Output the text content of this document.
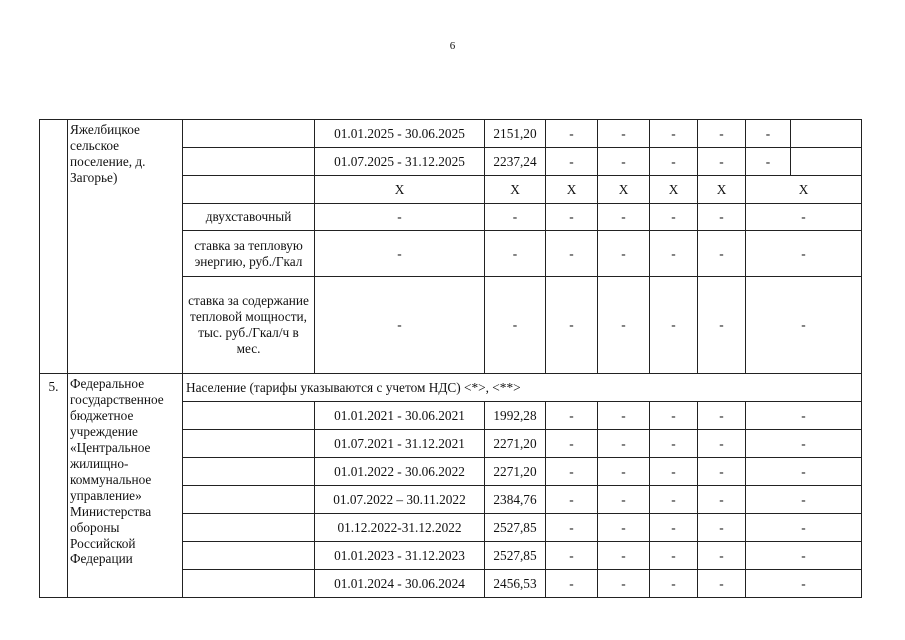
6
	Яжелбицкое сельское поселение, д. Загорье)		01.01.2025 - 30.06.2025	2151,20	-	-	-	-	-	
			01.07.2025 - 31.12.2025	2237,24	-	-	-	-	-	
			X	X	X	X	X	X	X	
		двухставочный	-	-	-	-	-	-	-	
		ставка за тепловую энергию, руб./Гкал	-	-	-	-	-	-	-	
		ставка за содержание тепловой мощности, тыс. руб./Гкал/ч в мес.	-	-	-	-	-	-	-	
5.	Федеральное государственное бюджетное учреждение «Центральное жилищно-коммунальное управление» Министерства обороны Российской Федерации	Население (тарифы указываются с учетом НДС) <*>, <**>								
			01.01.2021 - 30.06.2021	1992,28	-	-	-	-	-	
			01.07.2021 - 31.12.2021	2271,20	-	-	-	-	-	
			01.01.2022 - 30.06.2022	2271,20	-	-	-	-	-	
			01.07.2022 – 30.11.2022	2384,76	-	-	-	-	-	
			01.12.2022-31.12.2022	2527,85	-	-	-	-	-	
			01.01.2023 - 31.12.2023	2527,85	-	-	-	-	-	
			01.01.2024 - 30.06.2024	2456,53	-	-	-	-	-	
